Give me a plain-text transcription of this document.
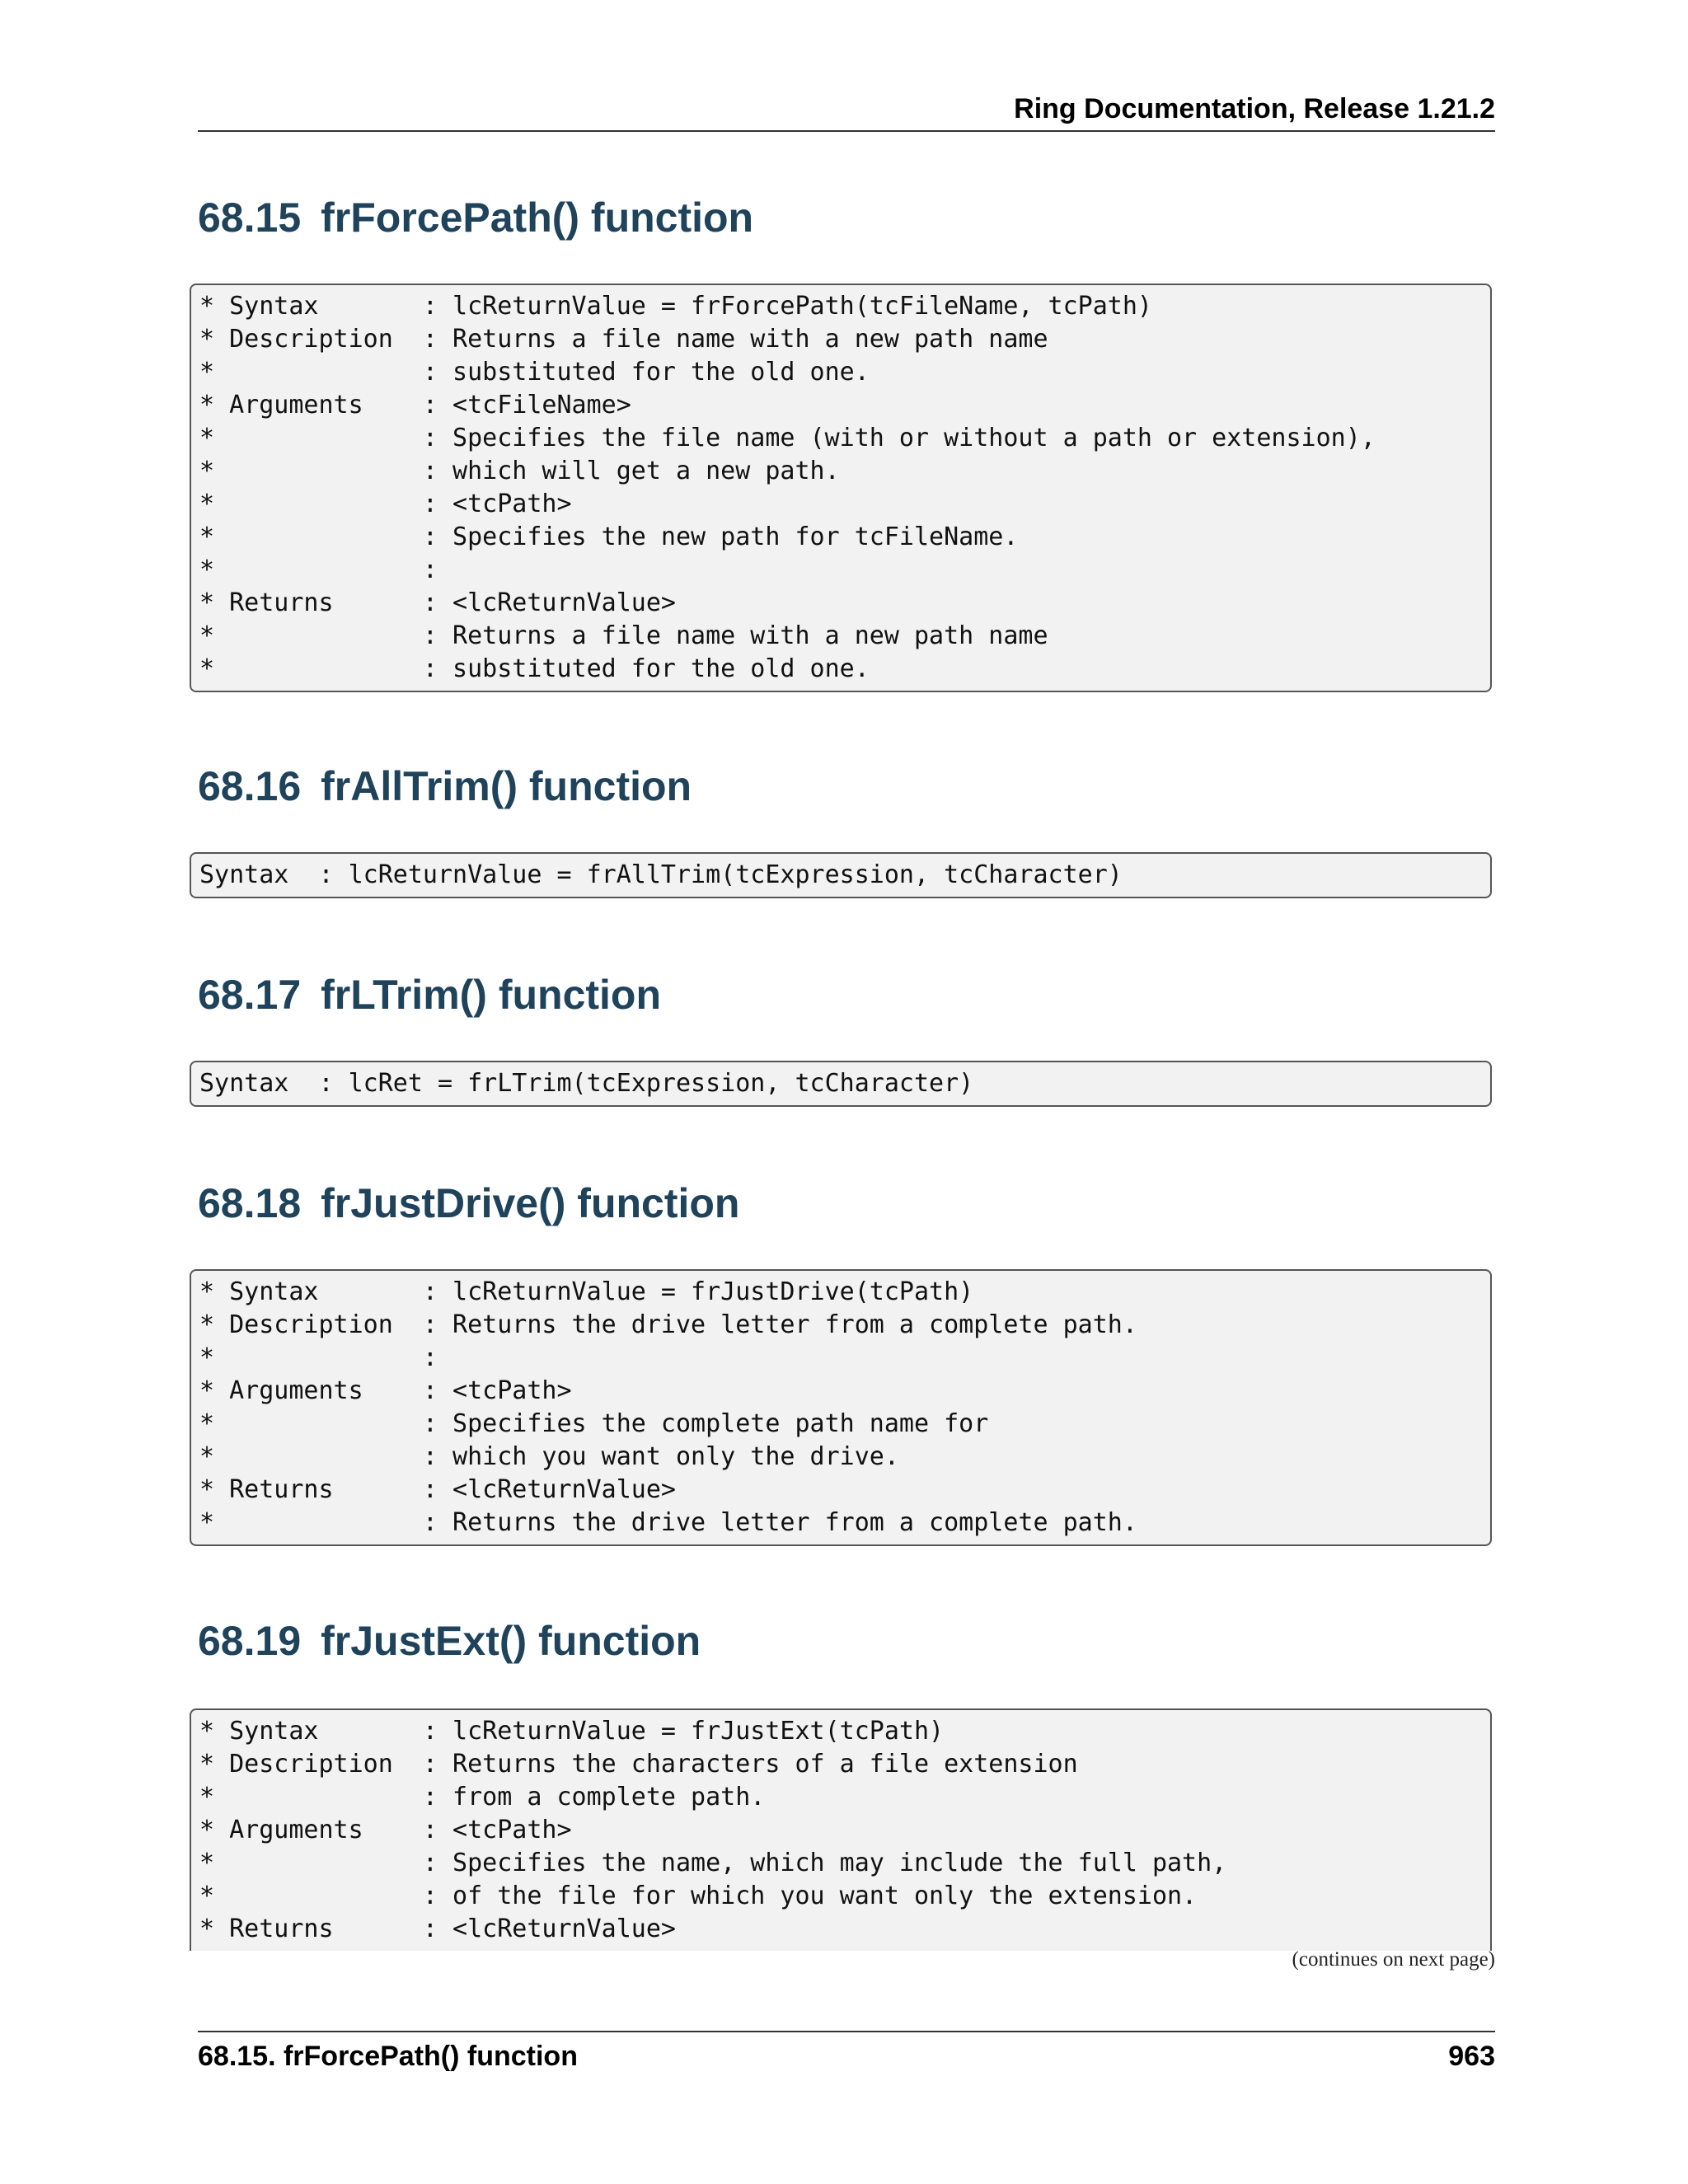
Ring Documentation, Release 1.21.2
68.15 frForcePath() function
* Syntax       : lcReturnValue = frForcePath(tcFileName, tcPath)
* Description  : Returns a file name with a new path name
*              : substituted for the old one.
* Arguments    : <tcFileName>
*              : Specifies the file name (with or without a path or extension),
*              : which will get a new path.
*              : <tcPath>
*              : Specifies the new path for tcFileName.
*              :
* Returns      : <lcReturnValue>
*              : Returns a file name with a new path name
*              : substituted for the old one.
68.16 frAllTrim() function
Syntax  : lcReturnValue = frAllTrim(tcExpression, tcCharacter)
68.17 frLTrim() function
Syntax  : lcRet = frLTrim(tcExpression, tcCharacter)
68.18 frJustDrive() function
* Syntax       : lcReturnValue = frJustDrive(tcPath)
* Description  : Returns the drive letter from a complete path.
*              :
* Arguments    : <tcPath>
*              : Specifies the complete path name for
*              : which you want only the drive.
* Returns      : <lcReturnValue>
*              : Returns the drive letter from a complete path.
68.19 frJustExt() function
* Syntax       : lcReturnValue = frJustExt(tcPath)
* Description  : Returns the characters of a file extension
*              : from a complete path.
* Arguments    : <tcPath>
*              : Specifies the name, which may include the full path,
*              : of the file for which you want only the extension.
* Returns      : <lcReturnValue>
(continues on next page)
68.15. frForcePath() function	963
